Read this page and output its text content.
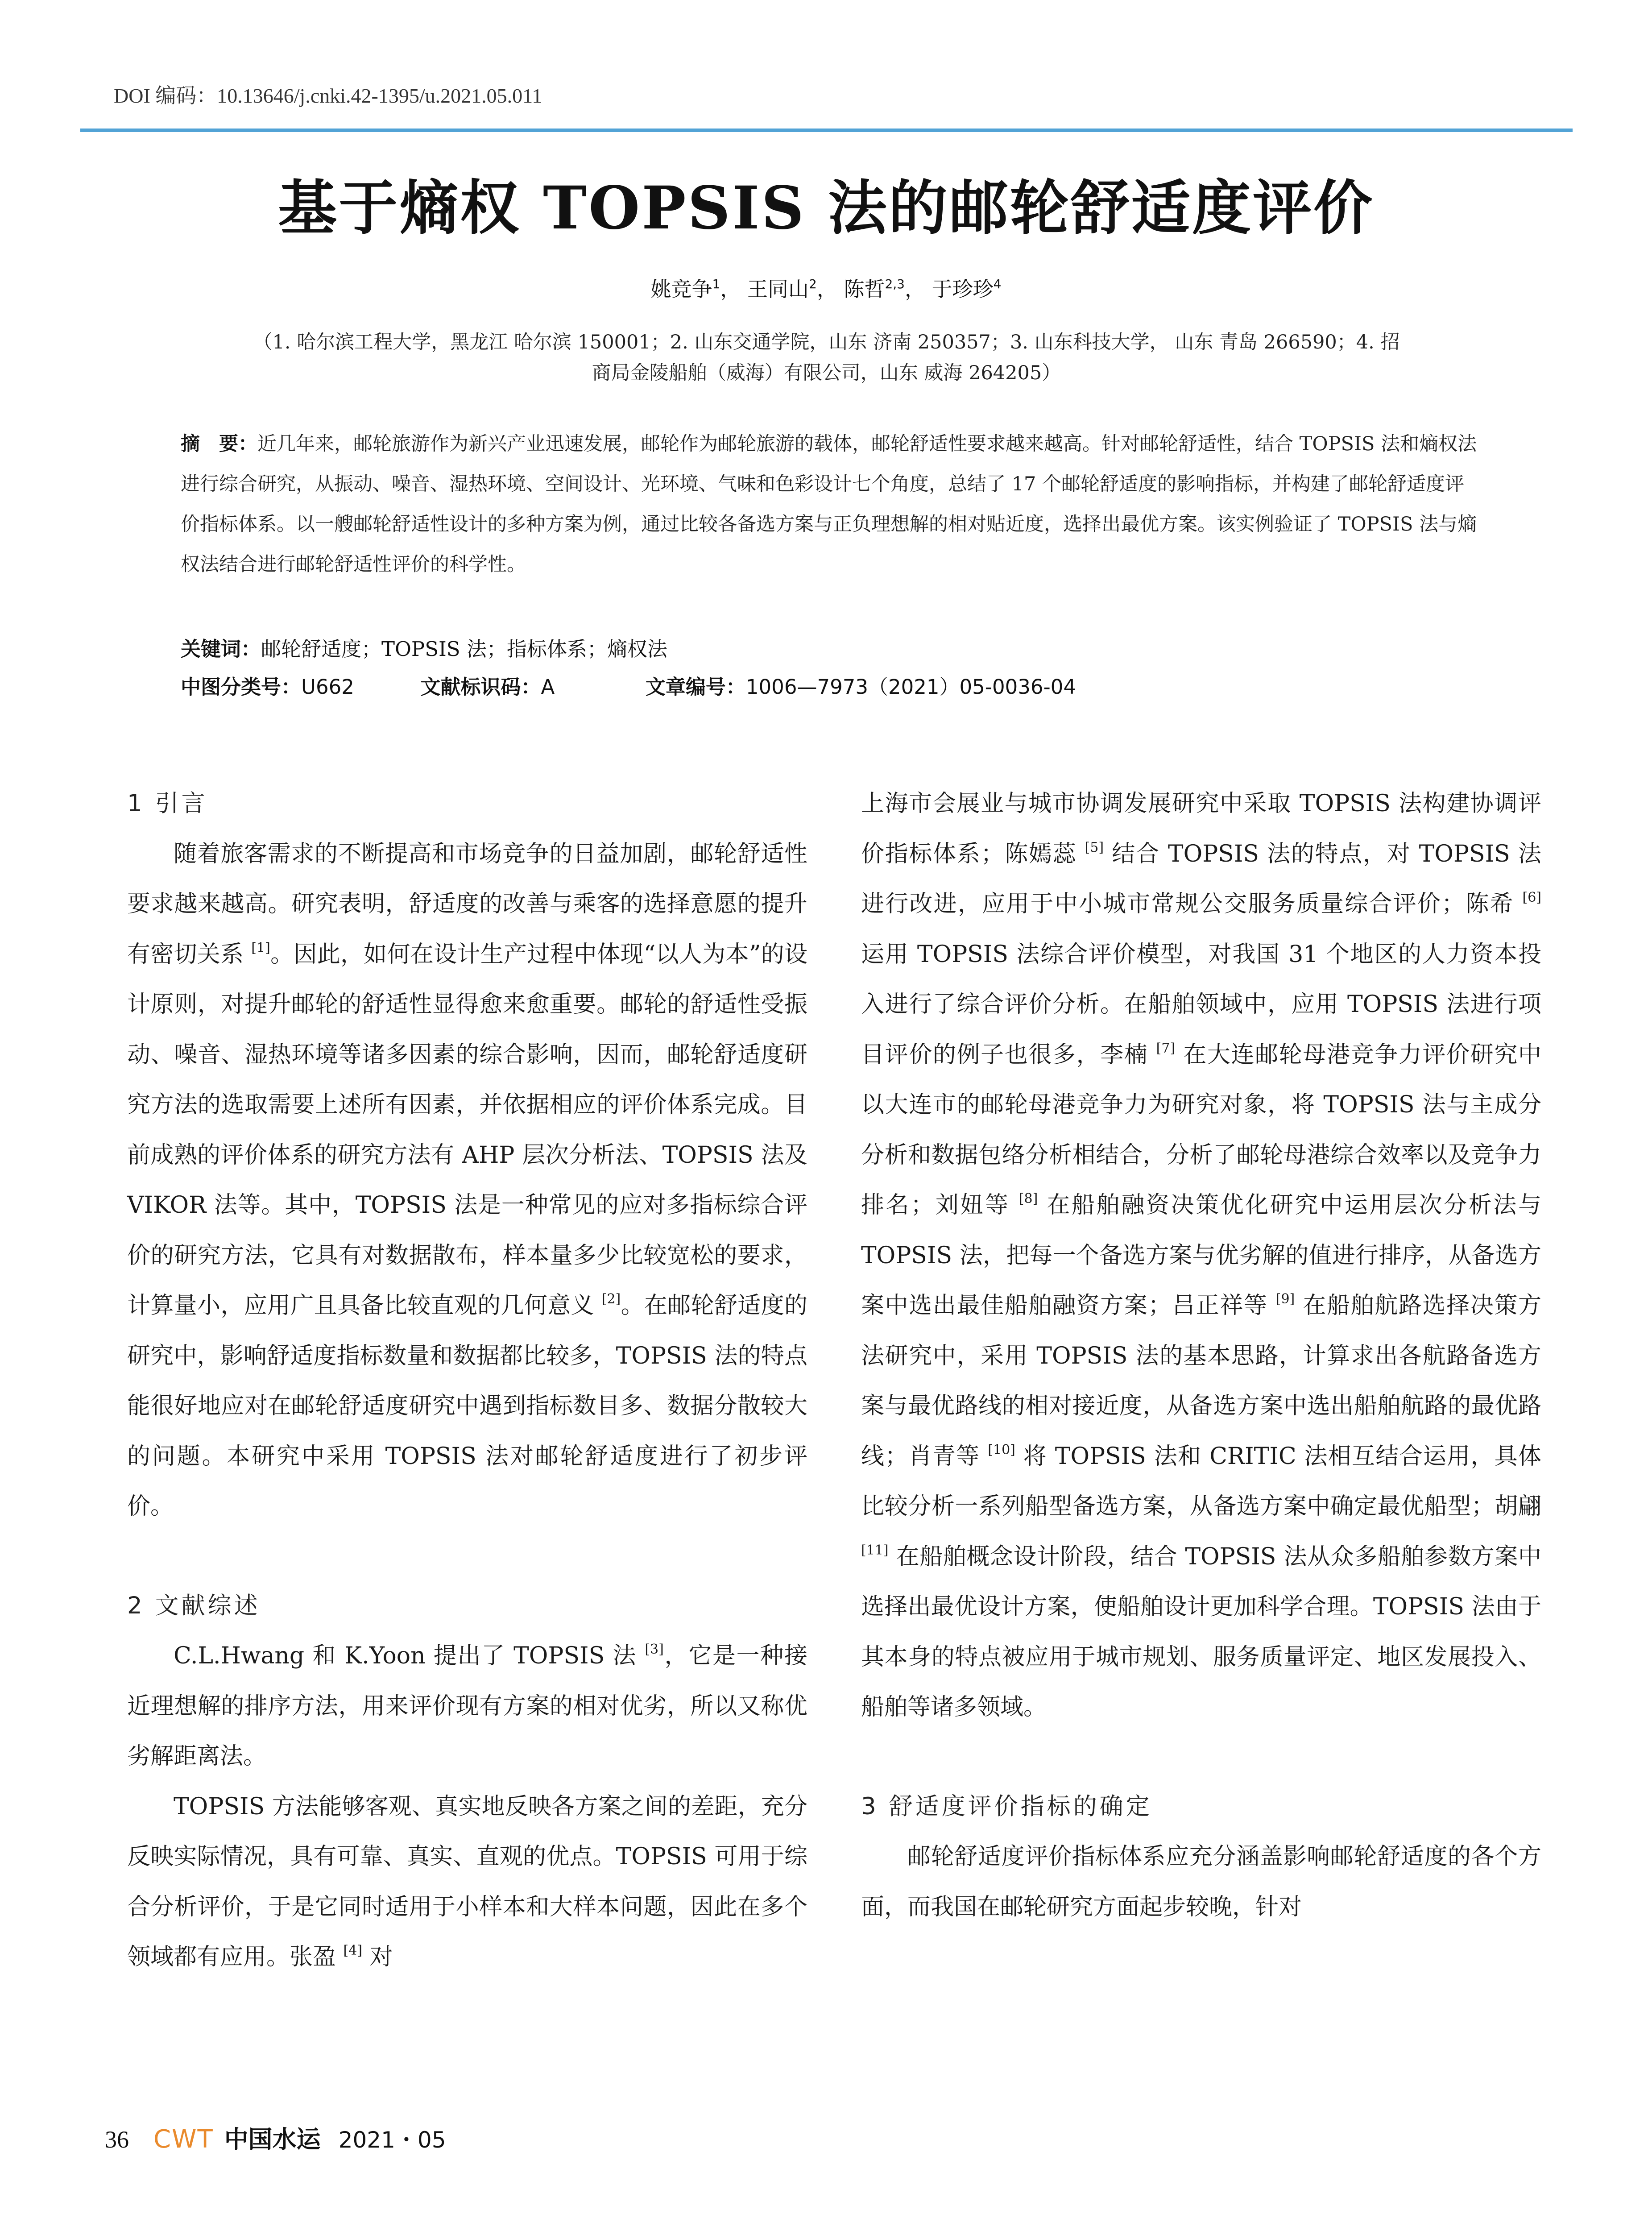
DOI 编码：10.13646/j.cnki.42-1395/u.2021.05.011
基于熵权 TOPSIS 法的邮轮舒适度评价
姚竞争$^1$， 王同山$^2$， 陈哲$^{2,3}$， 于珍珍$^4$
（1. 哈尔滨工程大学，黑龙江 哈尔滨 150001；2. 山东交通学院，山东 济南 250357；3. 山东科技大学， 山东 青岛 266590；4. 招
商局金陵船舶（威海）有限公司，山东 威海 264205）
摘　要：近几年来，邮轮旅游作为新兴产业迅速发展，邮轮作为邮轮旅游的载体，邮轮舒适性要求越来越高。针对邮轮舒适性，结合 TOPSIS 法和熵权法进行综合研究，从振动、噪音、湿热环境、空间设计、光环境、气味和色彩设计七个角度，总结了 17 个邮轮舒适度的影响指标，并构建了邮轮舒适度评价指标体系。以一艘邮轮舒适性设计的多种方案为例，通过比较各备选方案与正负理想解的相对贴近度，选择出最优方案。该实例验证了 TOPSIS 法与熵权法结合进行邮轮舒适性评价的科学性。
关键词：邮轮舒适度；TOPSIS 法；指标体系；熵权法
中图分类号：U662	文献标识码：A	文章编号：1006—7973（2021）05-0036-04
1 引言

随着旅客需求的不断提高和市场竞争的日益加剧，邮轮舒适性要求越来越高。研究表明，舒适度的改善与乘客的选择意愿的提升有密切关系 [1]。因此，如何在设计生产过程中体现“以人为本”的设计原则，对提升邮轮的舒适性显得愈来愈重要。邮轮的舒适性受振动、噪音、湿热环境等诸多因素的综合影响，因而，邮轮舒适度研究方法的选取需要上述所有因素，并依据相应的评价体系完成。目前成熟的评价体系的研究方法有 AHP 层次分析法、TOPSIS 法及 VIKOR 法等。其中，TOPSIS 法是一种常见的应对多指标综合评价的研究方法，它具有对数据散布，样本量多少比较宽松的要求，计算量小，应用广且具备比较直观的几何意义 [2]。在邮轮舒适度的研究中，影响舒适度指标数量和数据都比较多，TOPSIS 法的特点能很好地应对在邮轮舒适度研究中遇到指标数目多、数据分散较大的问题。本研究中采用 TOPSIS 法对邮轮舒适度进行了初步评价。

2 文献综述

C.L.Hwang 和 K.Yoon 提出了 TOPSIS 法 [3]，它是一种接近理想解的排序方法，用来评价现有方案的相对优劣，所以又称优劣解距离法。

TOPSIS 方法能够客观、真实地反映各方案之间的差距，充分反映实际情况，具有可靠、真实、直观的优点。TOPSIS 可用于综合分析评价，于是它同时适用于小样本和大样本问题，因此在多个领域都有应用。张盈 [4] 对

上海市会展业与城市协调发展研究中采取 TOPSIS 法构建协调评价指标体系；陈嫣蕊 [5] 结合 TOPSIS 法的特点，对 TOPSIS 法进行改进，应用于中小城市常规公交服务质量综合评价；陈希 [6] 运用 TOPSIS 法综合评价模型，对我国 31 个地区的人力资本投入进行了综合评价分析。在船舶领域中，应用 TOPSIS 法进行项目评价的例子也很多，李楠 [7] 在大连邮轮母港竞争力评价研究中以大连市的邮轮母港竞争力为研究对象，将 TOPSIS 法与主成分分析和数据包络分析相结合，分析了邮轮母港综合效率以及竞争力排名；刘妞等 [8] 在船舶融资决策优化研究中运用层次分析法与 TOPSIS 法，把每一个备选方案与优劣解的值进行排序，从备选方案中选出最佳船舶融资方案；吕正祥等 [9] 在船舶航路选择决策方法研究中，采用 TOPSIS 法的基本思路，计算求出各航路备选方案与最优路线的相对接近度，从备选方案中选出船舶航路的最优路线；肖青等 [10] 将 TOPSIS 法和 CRITIC 法相互结合运用，具体比较分析一系列船型备选方案，从备选方案中确定最优船型；胡翩 [11] 在船舶概念设计阶段，结合 TOPSIS 法从众多船舶参数方案中选择出最优设计方案，使船舶设计更加科学合理。TOPSIS 法由于其本身的特点被应用于城市规划、服务质量评定、地区发展投入、船舶等诸多领域。

3 舒适度评价指标的确定

邮轮舒适度评价指标体系应充分涵盖影响邮轮舒适度的各个方面，而我国在邮轮研究方面起步较晚，针对

36 CWT 中国水运 2021・05
